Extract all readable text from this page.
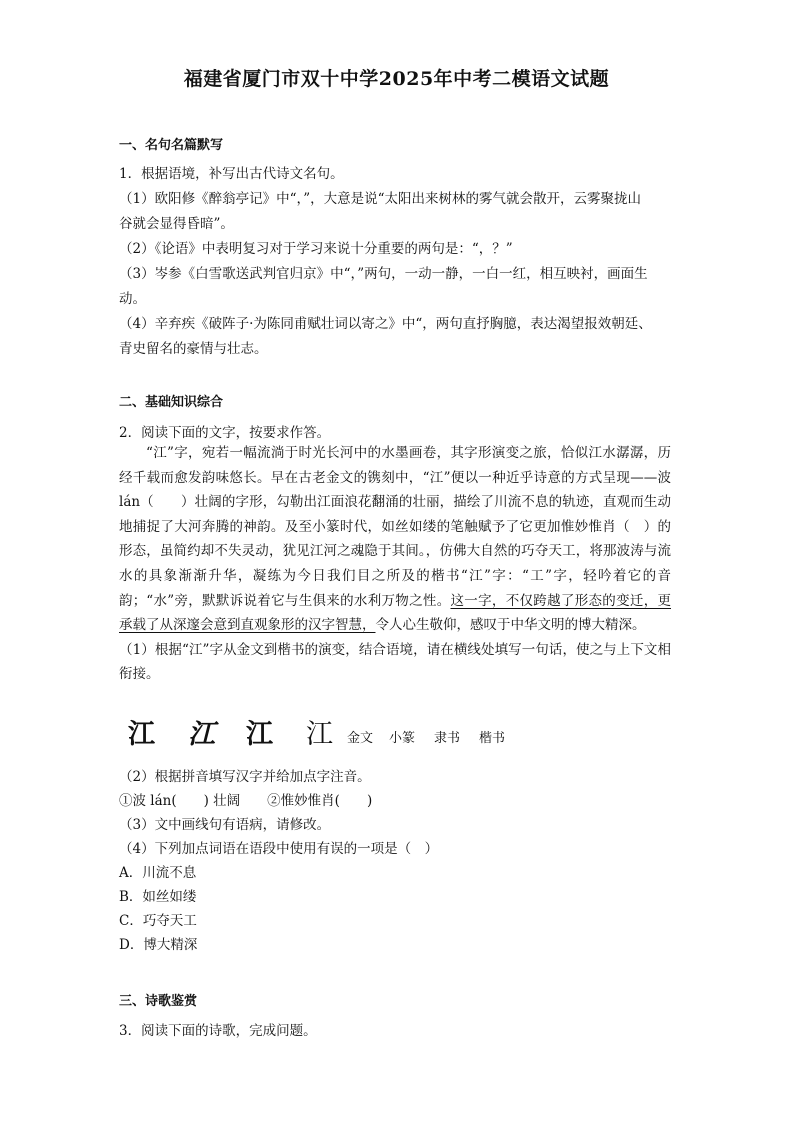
福建省厦门市双十中学2025年中考二模语文试题
一、名句名篇默写
1．根据语境，补写出古代诗文名句。
（1）欧阳修《醉翁亭记》中“，”，大意是说“太阳出来树林的雾气就会散开，云雾聚拢山
谷就会显得昏暗”。
（2）《论语》中表明复习对于学习来说十分重要的两句是：“，？”
（3）岑参《白雪歌送武判官归京》中“，”两句，一动一静，一白一红，相互映衬，画面生
动。
（4）辛弃疾《破阵子·为陈同甫赋壮词以寄之》中“，两句直抒胸臆，表达渴望报效朝廷、
青史留名的豪情与壮志。
二、基础知识综合
2．阅读下面的文字，按要求作答。

“江”字，宛若一幅流淌于时光长河中的水墨画卷，其字形演变之旅，恰似江水潺潺，历经千载而愈发韵味悠长。早在古老金文的镌刻中，“江”便以一种近乎诗意的方式呈现——波 lán（　　）壮阔的字形，勾勒出江面浪花翻涌的壮丽，描绘了川流不息的轨迹，直观而生动地捕捉了大河奔腾的神韵。及至小篆时代，如丝如缕的笔触赋予了它更加惟妙惟肖（　）的形态，虽简约却不失灵动，犹见江河之魂隐于其间。，仿佛大自然的巧夺天工，将那波涛与流水的具象渐渐升华，凝练为今日我们目之所及的楷书“江”字：“工”字，轻吟着它的音韵；“水”旁，默默诉说着它与生俱来的水利万物之性。这一字，不仅跨越了形态的变迁，更承载了从深邃会意到直观象形的汉字智慧，令人心生敬仰，感叹于中华文明的博大精深。

（1）根据“江”字从金文到楷书的演变，结合语境，请在横线处填写一句话，使之与上下文相衔接。

江 江 江 江 金文 小篆 隶书 楷书
（2）根据拼音填写汉字并给加点字注音。
①波 lán(　　) 壮阔　　②惟妙惟肖(　　)
（3）文中画线句有语病，请修改。
（4）下列加点词语在语段中使用有误的一项是（　）
A．川流不息
B．如丝如缕
C．巧夺天工
D．博大精深
三、诗歌鉴赏
3．阅读下面的诗歌，完成问题。
